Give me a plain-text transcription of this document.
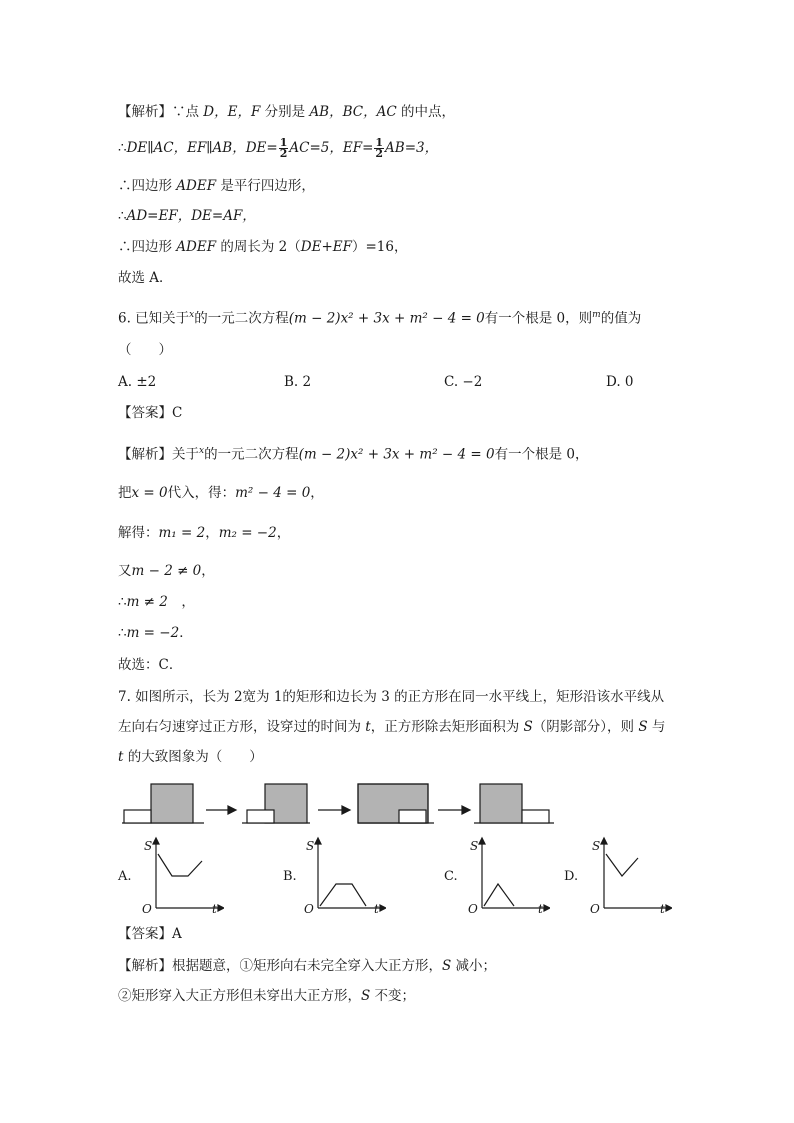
【解析】∵点 D，E，F 分别是 AB，BC，AC 的中点，
∴DE∥AC，EF∥AB，$DE= \frac{1}{2} AC=5$，$EF= \frac{1}{2} AB=3$，
∴四边形 ADEF 是平行四边形，
∴AD=EF，DE=AF，
∴四边形 ADEF 的周长为 2（DE+EF）=16，
故选 A．
6. 已知关于$^x$的一元二次方程(m − 2)x² + 3x + m² − 4 = 0有一个根是 0，则$^m$的值为
（　　）
A. ±2	B. 2	C. −2	D. 0
【答案】C
【解析】关于$^x$的一元二次方程(m − 2)x² + 3x + m² − 4 = 0有一个根是 0，
把x = 0代入，得：m² − 4 = 0，
解得：m₁ = 2，m₂ = −2，
又m − 2 ≠ 0，
∴m ≠ 2　，
∴m = −2．
故选：C．
7. 如图所示，长为 2宽为 1的矩形和边长为 3 的正方形在同一水平线上，矩形沿该水平线从
左向右匀速穿过正方形，设穿过的时间为 t，正方形除去矩形面积为 S（阴影部分），则 S 与
t 的大致图象为（　　）
A.
S
O	t
B.
S
O	t
C.
S
O	t
D.
S
O	t
【答案】A
【解析】根据题意，①矩形向右未完全穿入大正方形，S 减小；
②矩形穿入大正方形但未穿出大正方形，S 不变；
